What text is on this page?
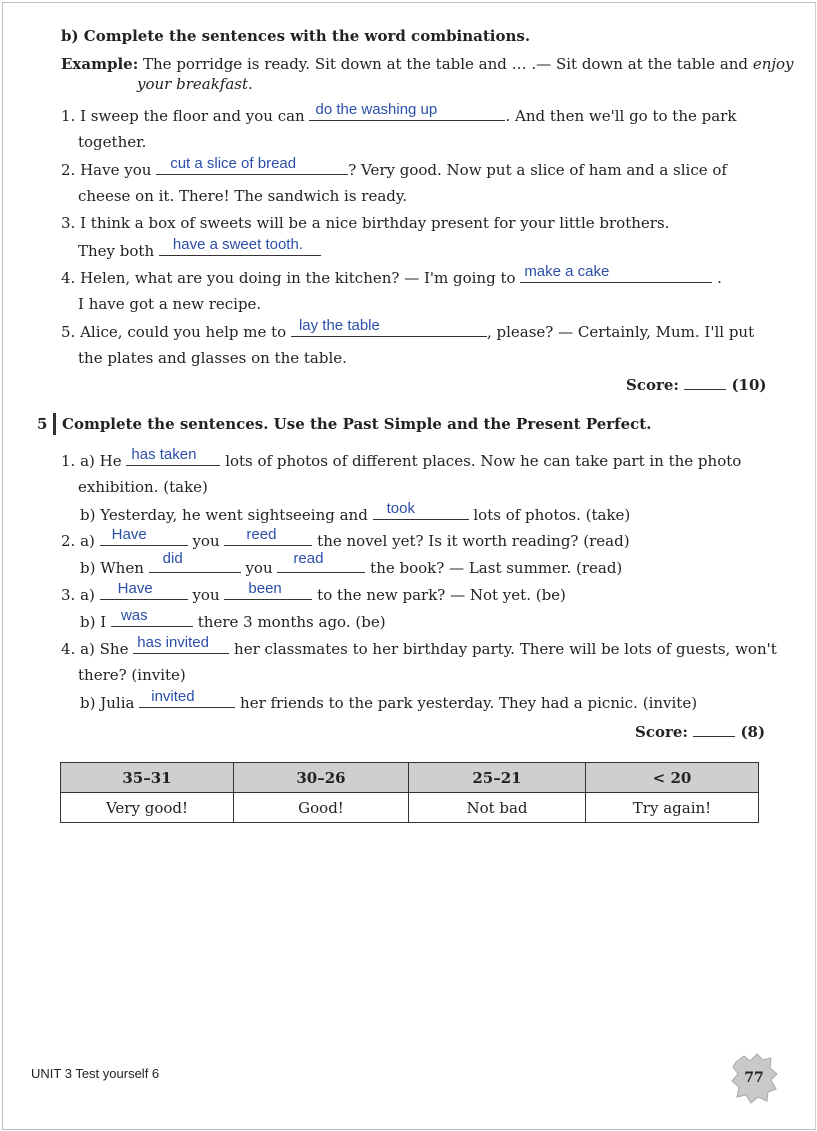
b) Complete the sentences with the word combinations.
Example: The porridge is ready. Sit down at the table and … .— Sit down at the table and enjoy
your breakfast.
1. I sweep the floor and you can do the washing up	. And then we'll go to the park
together.
2. Have you cut a slice of bread	? Very good. Now put a slice of ham and a slice of
cheese on it. There! The sandwich is ready.
3. I think a box of sweets will be a nice birthday present for your little brothers.
They both have a sweet tooth.
4. Helen, what are you doing in the kitchen? — I'm going to make a cake	.
I have got a new recipe.
5. Alice, could you help me to lay the table	, please? — Certainly, Mum. I'll put
the plates and glasses on the table.
Score:	(10)
5 Complete the sentences. Use the Past Simple and the Present Perfect.
1. a) He has taken lots of photos of different places. Now he can take part in the photo
exhibition. (take)
b) Yesterday, he went sightseeing and took	lots of photos. (take)
2. a) Have	you reed	the novel yet? Is it worth reading? (read)
b) When
did
you
read
the book? — Last summer. (read)
3. a) Have	you been to the new park? — Not yet. (be)
b) I was	there 3 months ago. (be)
4. a) She has invited her classmates to her birthday party. There will be lots of guests, won't
there? (invite)
b) Julia invited	her friends to the park yesterday. They had a picnic. (invite)
Score:	(8)
35–31	30–26	25–21	< 20
Very good!	Good!	Not bad	Try again!
UNIT 3 Test yourself 6	77
